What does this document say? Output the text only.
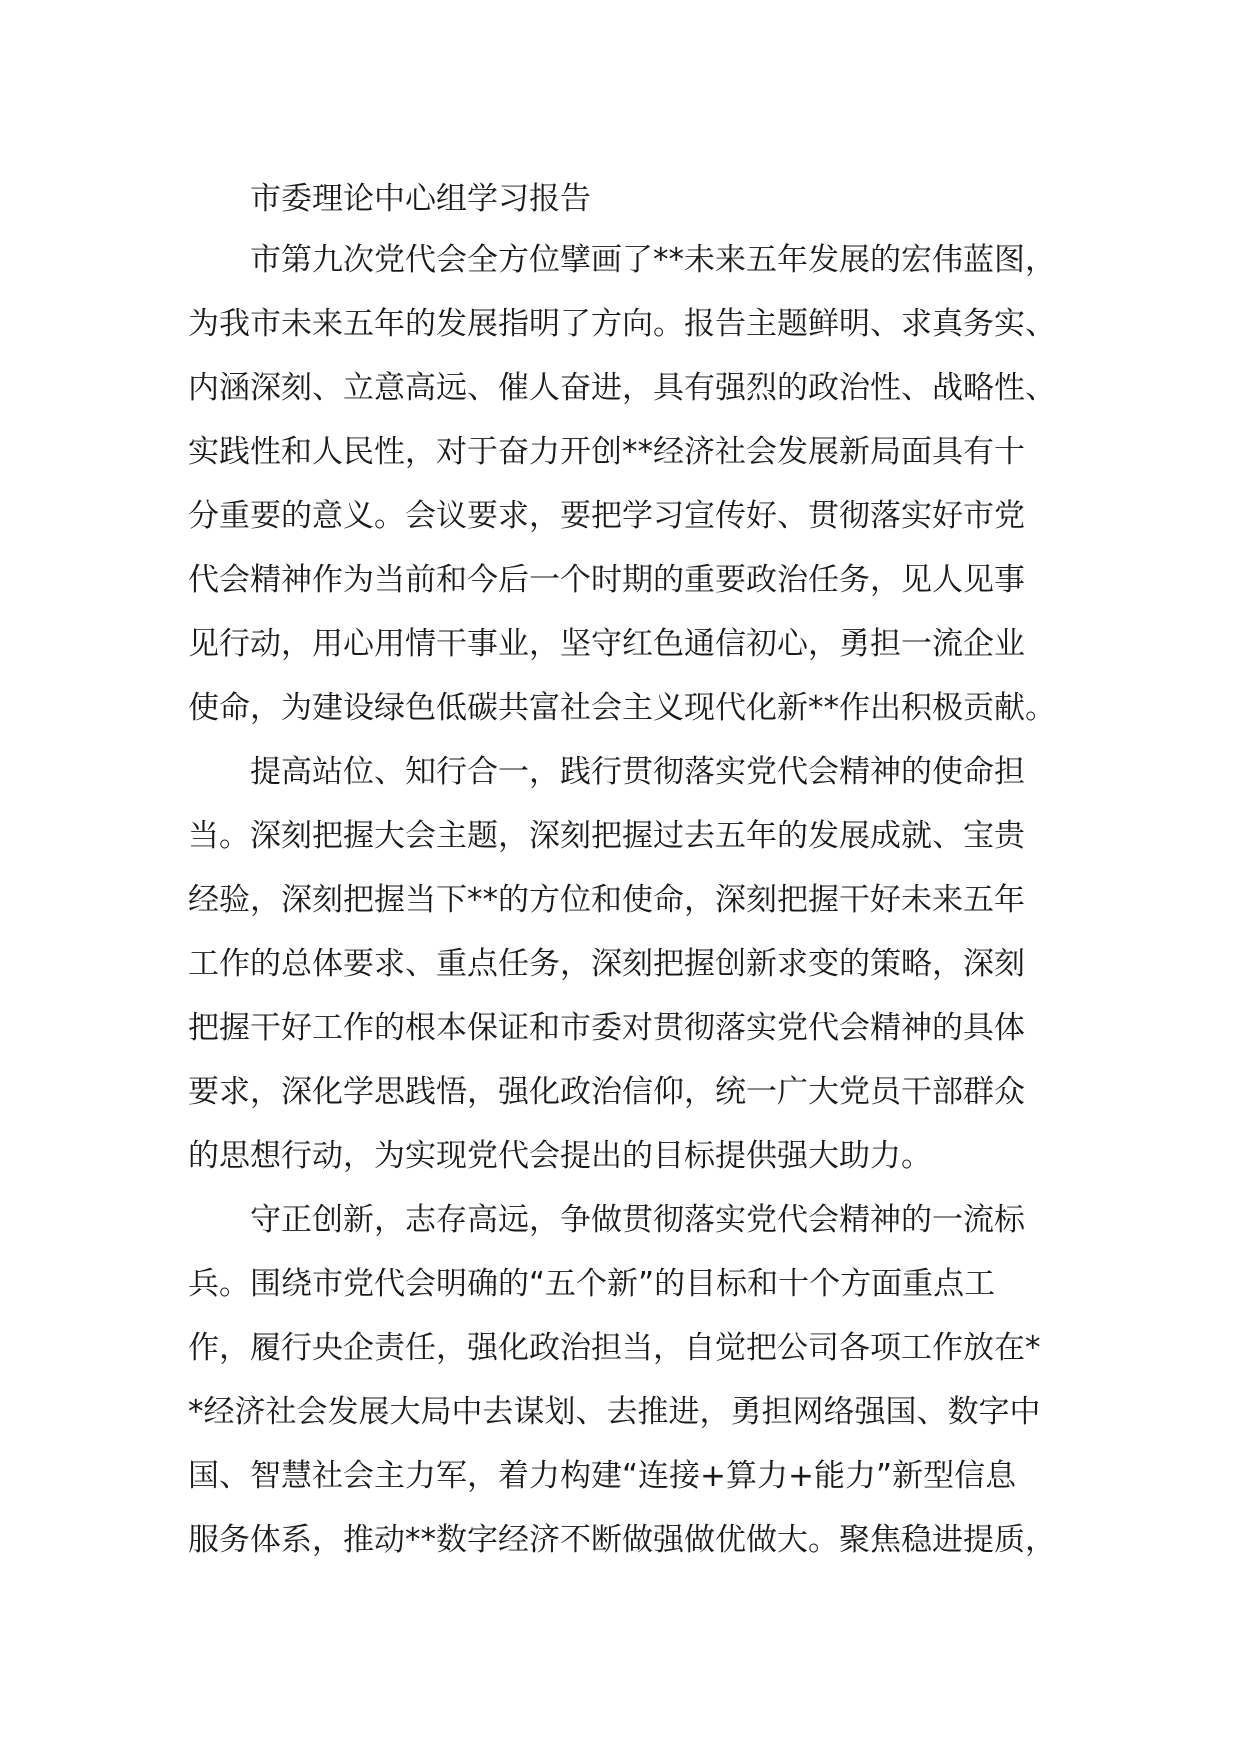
市委理论中心组学习报告
市第九次党代会全方位擘画了**未来五年发展的宏伟蓝图，
为我市未来五年的发展指明了方向。报告主题鲜明、求真务实、
内涵深刻、立意高远、催人奋进，具有强烈的政治性、战略性、
实践性和人民性，对于奋力开创**经济社会发展新局面具有十
分重要的意义。会议要求，要把学习宣传好、贯彻落实好市党
代会精神作为当前和今后一个时期的重要政治任务，见人见事
见行动，用心用情干事业，坚守红色通信初心，勇担一流企业
使命，为建设绿色低碳共富社会主义现代化新**作出积极贡献。
提高站位、知行合一，践行贯彻落实党代会精神的使命担
当。深刻把握大会主题，深刻把握过去五年的发展成就、宝贵
经验，深刻把握当下**的方位和使命，深刻把握干好未来五年
工作的总体要求、重点任务，深刻把握创新求变的策略，深刻
把握干好工作的根本保证和市委对贯彻落实党代会精神的具体
要求，深化学思践悟，强化政治信仰，统一广大党员干部群众
的思想行动，为实现党代会提出的目标提供强大助力。
守正创新，志存高远，争做贯彻落实党代会精神的一流标
兵。围绕市党代会明确的“五个新”的目标和十个方面重点工
作，履行央企责任，强化政治担当，自觉把公司各项工作放在*
*经济社会发展大局中去谋划、去推进，勇担网络强国、数字中
国、智慧社会主力军，着力构建“连接+算力+能力”新型信息
服务体系，推动**数字经济不断做强做优做大。聚焦稳进提质，
